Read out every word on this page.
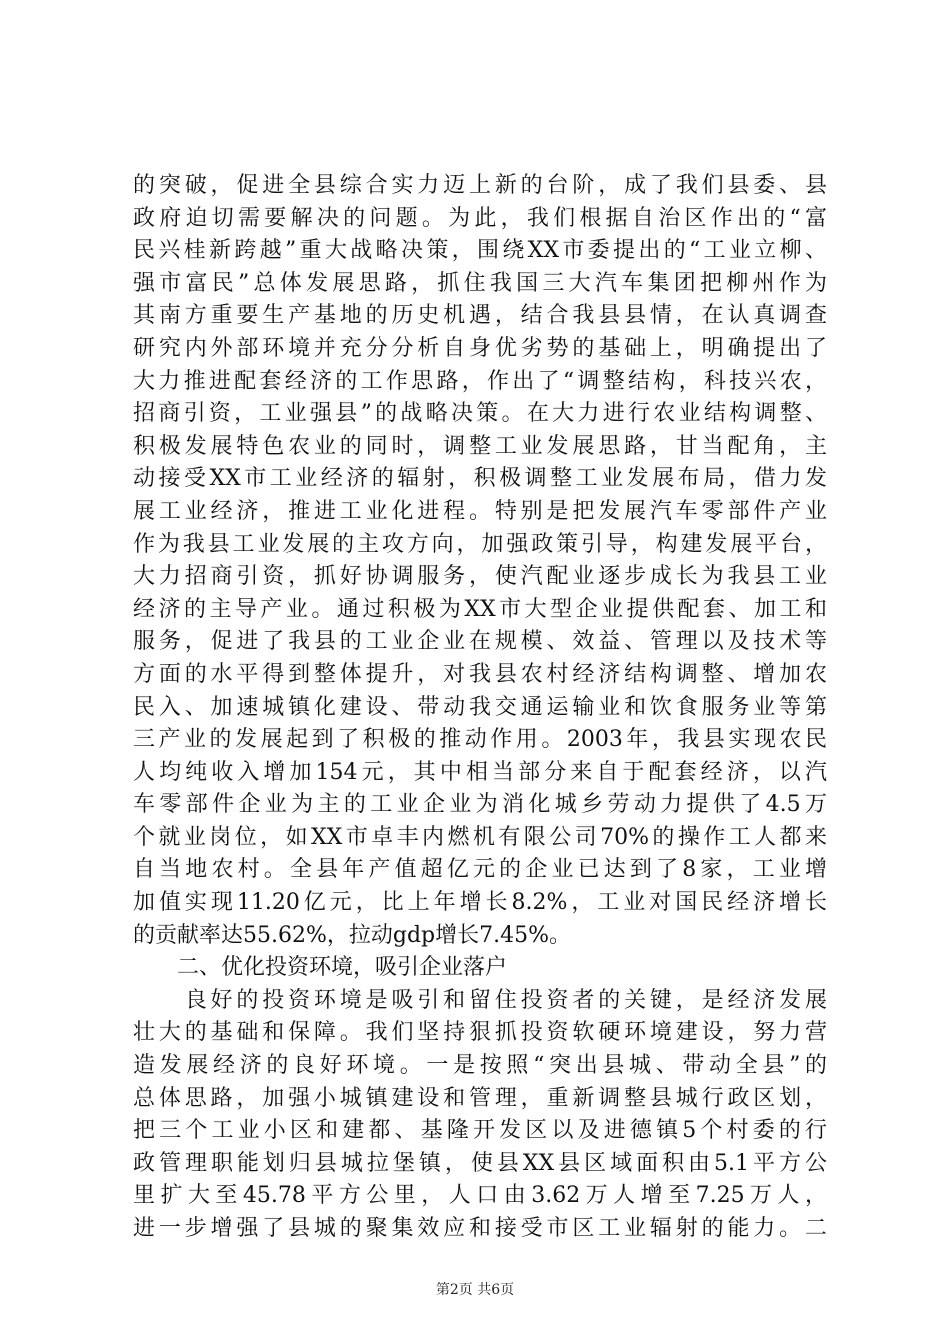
的突破，促进全县综合实力迈上新的台阶，成了我们县委、县
政府迫切需要解决的问题。为此，我们根据自治区作出的“富
民兴桂新跨越”重大战略决策，围绕XX市委提出的“工业立柳、
强市富民”总体发展思路，抓住我国三大汽车集团把柳州作为
其南方重要生产基地的历史机遇，结合我县县情，在认真调查
研究内外部环境并充分分析自身优劣势的基础上，明确提出了
大力推进配套经济的工作思路，作出了“调整结构，科技兴农，
招商引资，工业强县”的战略决策。在大力进行农业结构调整、
积极发展特色农业的同时，调整工业发展思路，甘当配角，主
动接受XX市工业经济的辐射，积极调整工业发展布局，借力发
展工业经济，推进工业化进程。特别是把发展汽车零部件产业
作为我县工业发展的主攻方向，加强政策引导，构建发展平台，
大力招商引资，抓好协调服务，使汽配业逐步成长为我县工业
经济的主导产业。通过积极为XX市大型企业提供配套、加工和
服务，促进了我县的工业企业在规模、效益、管理以及技术等
方面的水平得到整体提升，对我县农村经济结构调整、增加农
民入、加速城镇化建设、带动我交通运输业和饮食服务业等第
三产业的发展起到了积极的推动作用。2003年，我县实现农民
人均纯收入增加154元，其中相当部分来自于配套经济，以汽
车零部件企业为主的工业企业为消化城乡劳动力提供了4.5万
个就业岗位，如XX市卓丰内燃机有限公司70%的操作工人都来
自当地农村。全县年产值超亿元的企业已达到了8家，工业增
加值实现11.20亿元，比上年增长8.2%，工业对国民经济增长
的贡献率达55.62%，拉动gdp增长7.45%。
　　二、优化投资环境，吸引企业落户
　　良好的投资环境是吸引和留住投资者的关键，是经济发展
壮大的基础和保障。我们坚持狠抓投资软硬环境建设，努力营
造发展经济的良好环境。一是按照“突出县城、带动全县”的
总体思路，加强小城镇建设和管理，重新调整县城行政区划，
把三个工业小区和建都、基隆开发区以及进德镇5个村委的行
政管理职能划归县城拉堡镇，使县XX县区域面积由5.1平方公
里扩大至45.78平方公里，人口由3.62万人增至7.25万人，
进一步增强了县城的聚集效应和接受市区工业辐射的能力。二
第2页 共6页
